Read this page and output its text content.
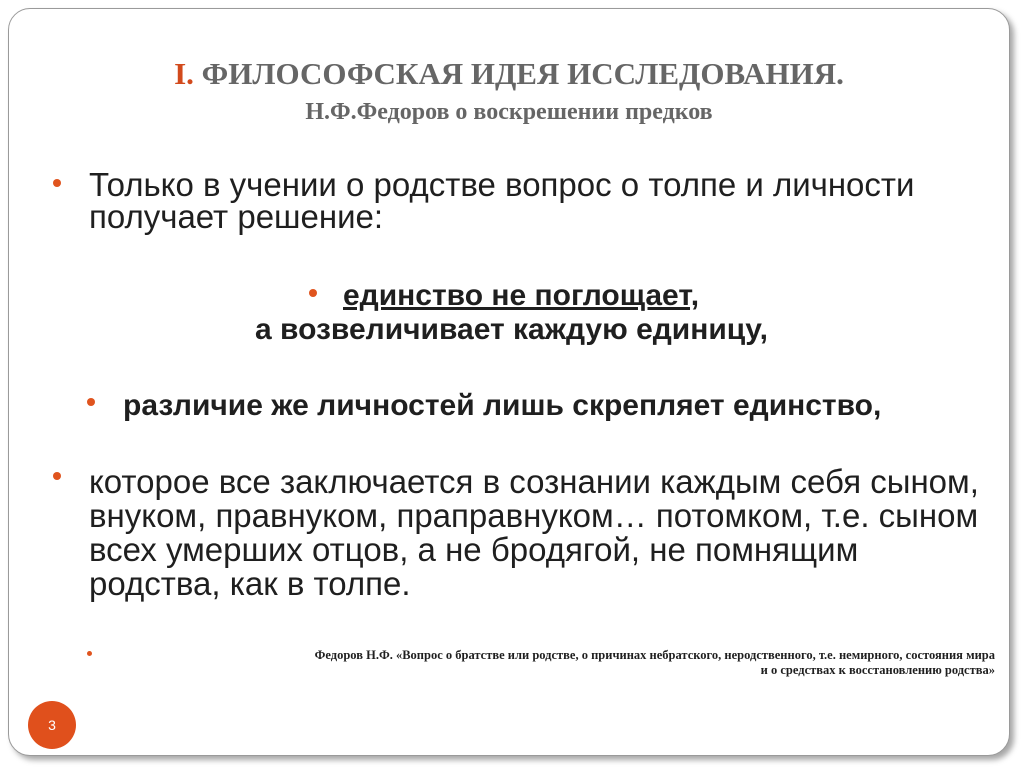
I. ФИЛОСОФСКАЯ ИДЕЯ ИССЛЕДОВАНИЯ.
Н.Ф.Федоров о воскрешении предков
Только в учении о родстве вопрос о толпе и личности получает решение:
единство не поглощает,
а возвеличивает каждую единицу,
различие же личностей лишь скрепляет единство,
которое все заключается в сознании каждым себя сыном, внуком, правнуком, праправнуком… потомком, т.е. сыном всех умерших отцов, а не бродягой, не помнящим родства, как в толпе.
Федоров Н.Ф. «Вопрос о братстве или родстве, о причинах небратского, неродственного, т.е. немирного, состояния мира
и о средствах к восстановлению родства»
3
